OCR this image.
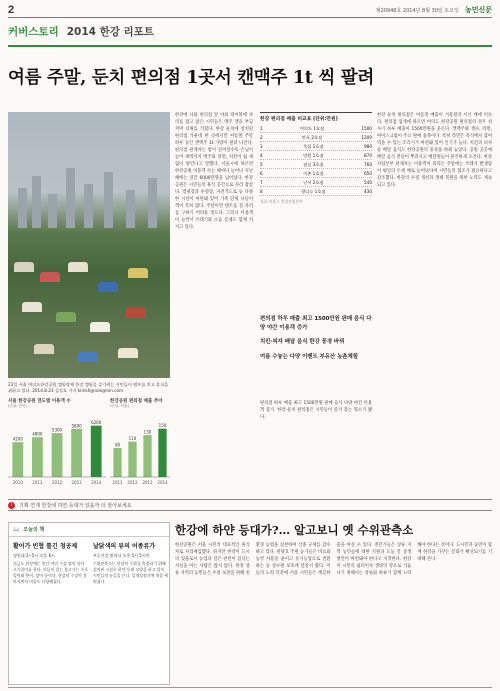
2	제20948호 2014년 8월 30일 토요일 농민신문
커버스토리 2014 한강 리포트
여름 주말, 둔치 편의점 1곳서 캔맥주 1t 씩 팔려

23일 서울 여의도한강공원 캠핑장에 한강 캠핑을 즐기려는 시민들이 텐트를 치고 휴식을 취하고 있다. 2014.8.23 김성호 기자 kimsh@nongmin.com

서울 한강공원 연도별 이용객 수
(단위: 만명)
4200
2010
4800
2011
5300
2012
5800
2013
6200
2014
한강공원 편의점 매출 추이
(단위: 억원)
90
2011
110
2012
130
2013
150
2014
한강에 나와 편의점 앞 야외 테이블에 자리를 잡고 앉은 시민들은 맥주 캔을 부딪치며 더위를 식혔다. 한강 둔치에 설치된 편의점 가운데 한 곳에서만 여름철 주말 하루 동안 캔맥주 1t 가량이 팔려 나간다. 편의점 관계자는 밤이 깊어질수록 손님이 늘어 새벽까지 맥주와 라면, 치킨이 쉴 새 없이 팔린다고 말했다. 서울시에 따르면 한강공원 이용객 수는 해마다 늘어나 지난해에는 연간 6000만명을 넘어섰다. 한강공원은 시민들의 휴식 공간으로 자리 잡았다. 캠핑장과 수영장, 자전거도로 등 다양한 시설이 마련돼 있어 가족 단위 나들이객이 특히 많다. 주말이면 텐트를 칠 자리를 구하기 어려울 정도다. 그러나 이용객이 늘면서 쓰레기와 소음 문제도 함께 커지고 있다.
한강 편의점 매출 비교표 (단위:만원)
1	여의도 1호점	1500
2	반포 2호점	1200
3	뚝섬 1호점	980
4	망원 1호점	870
5	잠실 3호점	760
6	이촌 1호점	650
7	난지 2호점	540
8	광나루 1호점	430
자료:서울시 한강사업본부

편의점 하루 매출 최고 1500만원 판매 음식 다양 야간 이용객 증가

치킨·피자 배달 음식 한강 풍경 바꿔

여름 수놓는 다양 이벤트 부유산 농촌체험

편의점 하루 매출 최고 1500만원 판매 음식 다양 야간 이용객 증가. 한강 둔치 편의점은 시민들이 즐겨 찾는 명소가 됐다.
한강 둔치 편의점은 여름철 매출이 겨울철의 서너 배에 이른다. 편의점 업계에 따르면 여의도 한강공원 편의점의 경우 성수기 하루 매출이 1500만원을 웃돈다. 캔맥주와 생수, 라면, 아이스크림이 주요 판매 품목이다. 특히 라면은 즉석에서 끓여 먹을 수 있는 조리기가 마련돼 있어 인기가 높다. 치킨과 피자 등 배달 음식도 한강공원의 풍경을 바꿔 놓았다. 공원 곳곳에 배달 음식 전단이 뿌려지고 배달원들이 분주하게 오간다. 한강사업본부 관계자는 이용객이 몰리는 주말에는 쓰레기 발생량이 평일의 두세 배로 늘어난다며 시민들의 협조가 필요하다고 강조했다. 한강의 수질 개선과 생태 복원을 위한 노력도 계속되고 있다.
i	기획 연재 한강에 하얀 등대가 있을까 더 알아보세요
한강에 하얀 등대가?… 알고보니 옛 수위관측소
📖 오늘의 책
활어가 빈협 틀긴 청공제
정원대 2~5시 오후 6시
지금도 한강에는 민간 어민 수십 명이 남아 고기잡이를 한다. 이들이 잡는 물고기는 주로 잉어와 붕어, 장어 등이다. 한강의 수질이 좋아지면서 어종도 다양해졌다.
날닭색의 뷰의 어종류가
부루키강 팔치다 오후 5시 5시반
수위관측소는 한강의 수위를 측정하기 위해 설치된 시설로 하얀 등대 모양을 하고 있어 시민들의 눈길을 끈다. 일제강점기에 처음 세워졌다.
한강공원은 서울 시민의 대표적인 휴식처로 자리매김했다. 하지만 한강이 도시의 젖줄로서 농업과 깊은 관련이 있다는 사실을 아는 사람은 많지 않다. 한강 상류 지역의 농민들은 수질 보전을 위해 친환경 농법을 실천하며 각종 규제를 감수하고 있다. 팔당호 주변 농가들은 비료와 농약 사용을 줄이고 유기농업으로 전환하는 등 상수원 보호에 앞장서 왔다. 이들의 노력 덕분에 서울 시민들은 깨끗한 물을 마실 수 있다. 전문가들은 상류 지역 농민들에 대한 지원과 도농 간 상생 방안이 마련돼야 한다고 지적한다. 한강이 시민의 쉼터이자 생명의 강으로 거듭나기 위해서는 상류와 하류가 함께 노력해야 한다는 것이다. 도시민과 농민이 함께 한강을 가꾸는 문화가 확산되기를 기대해 본다.
